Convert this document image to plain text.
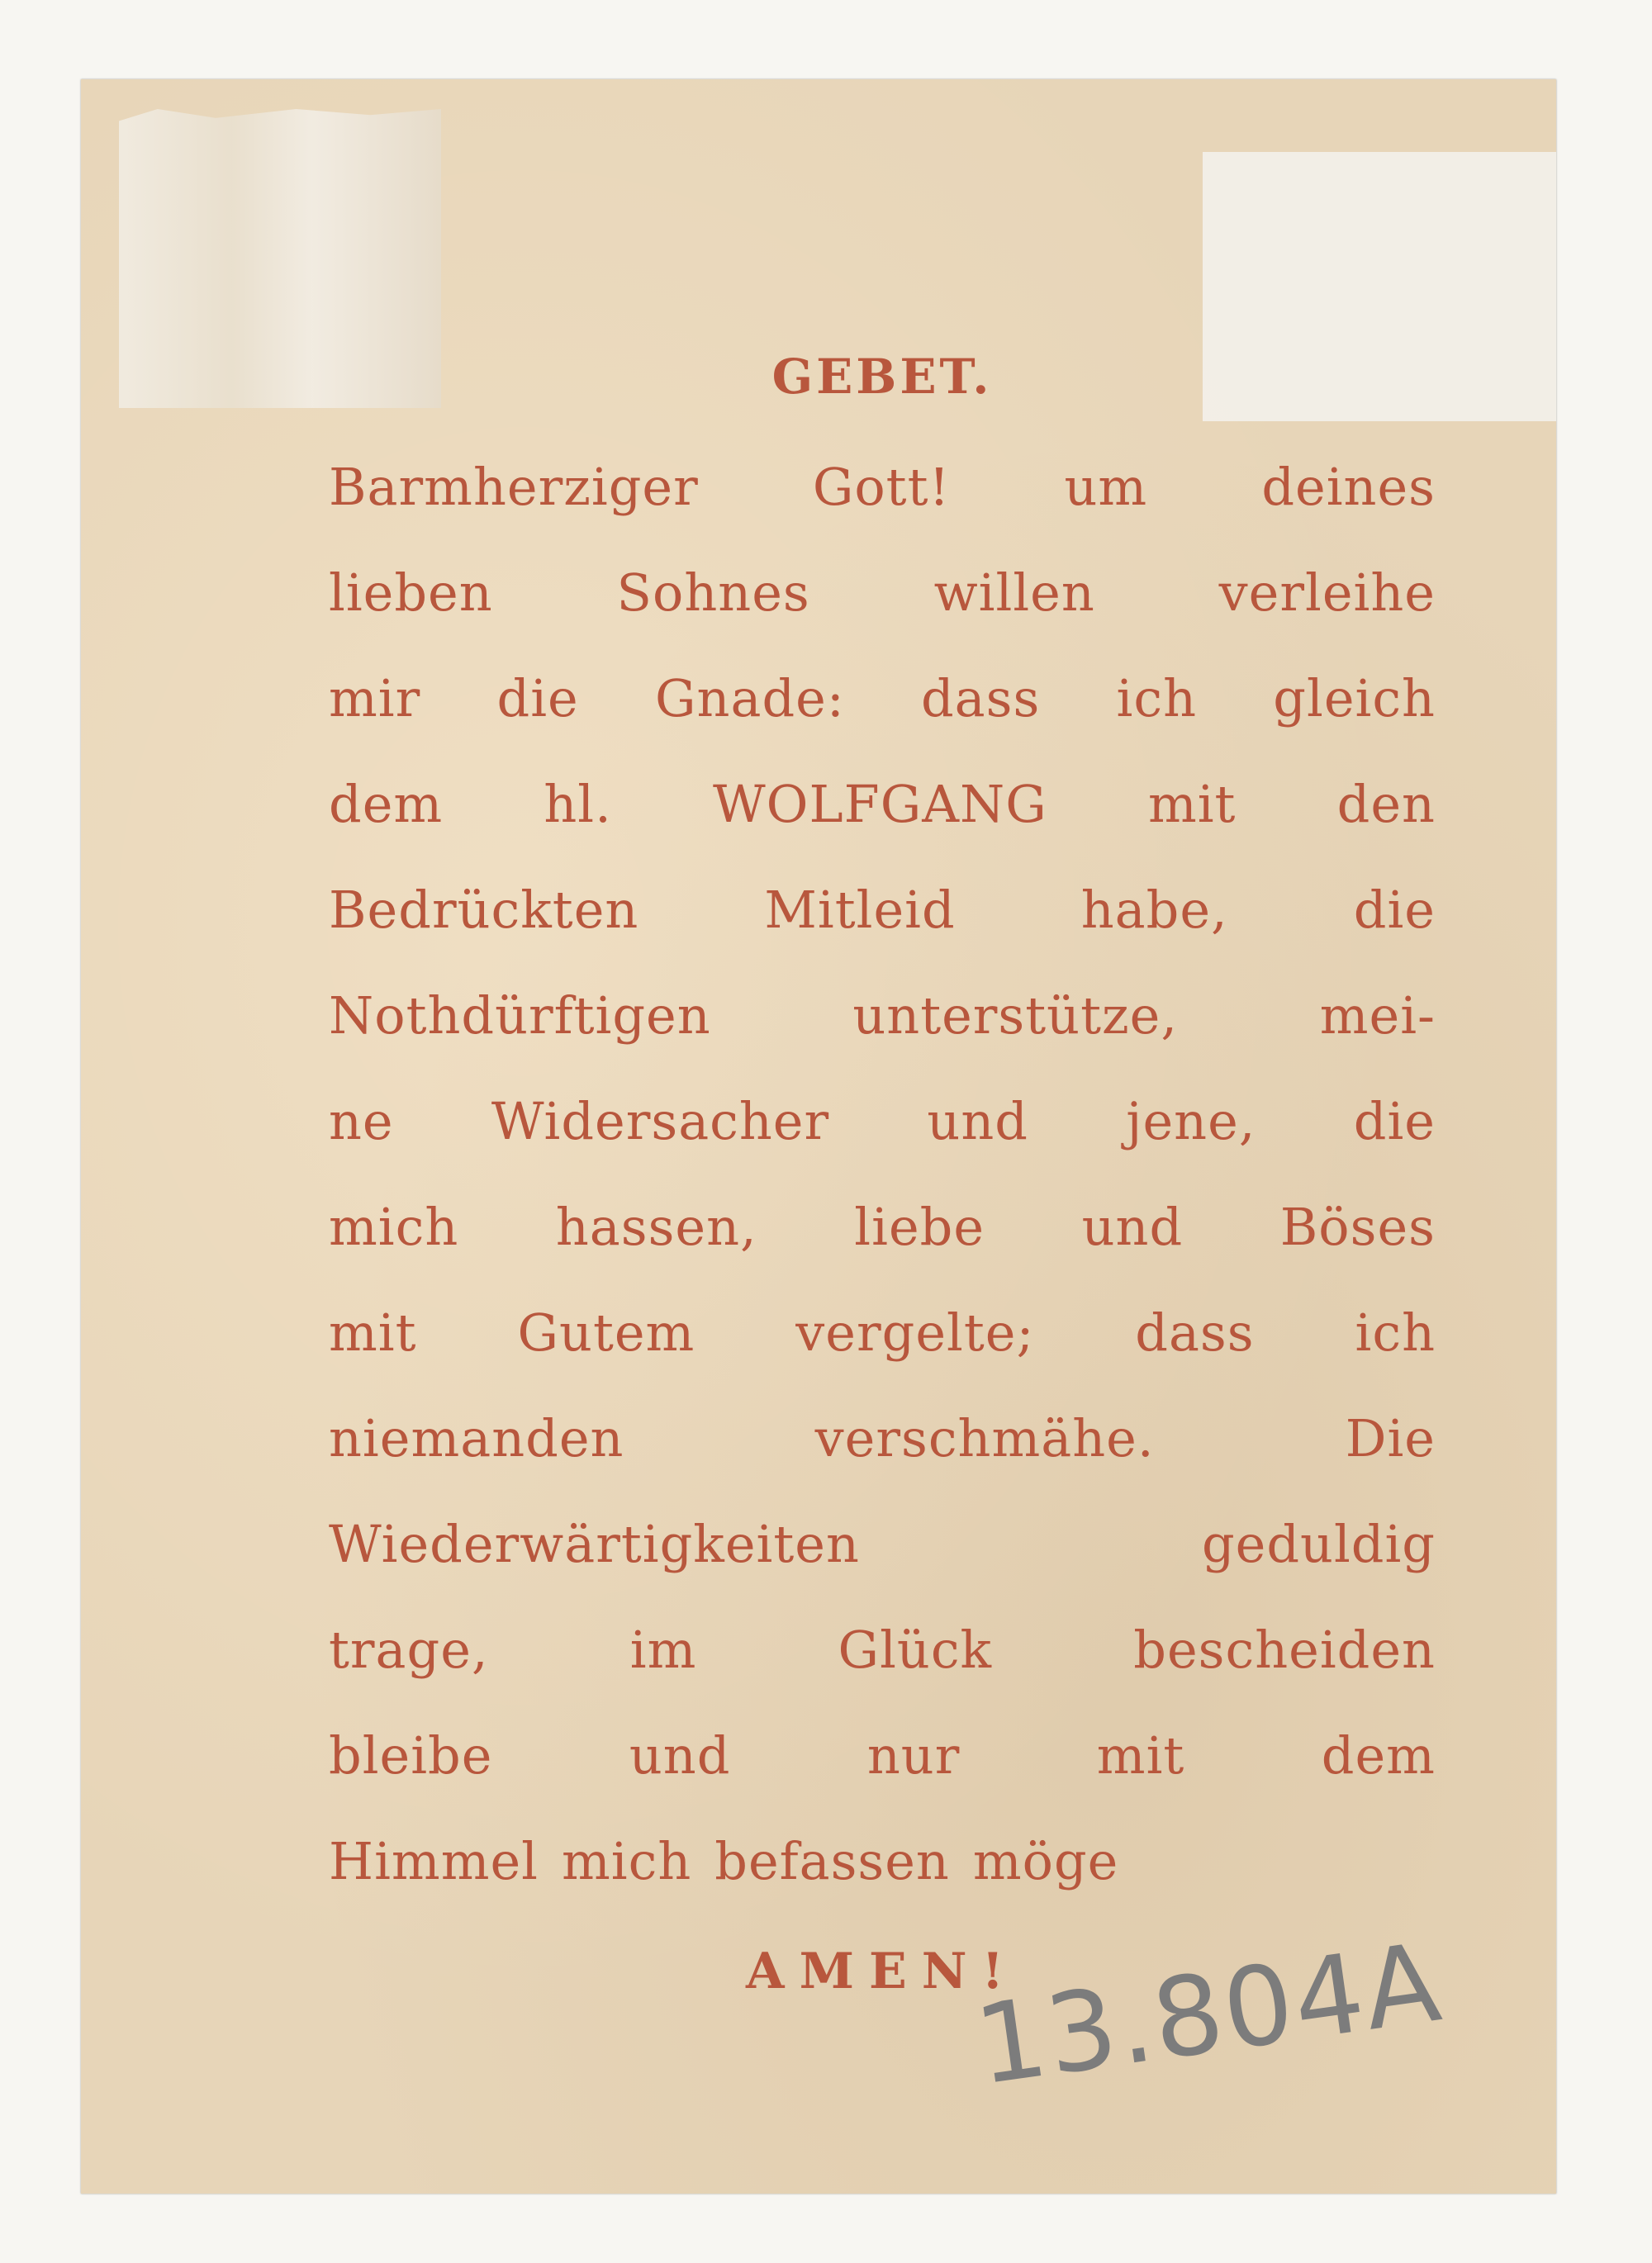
GEBET.
Barmherziger Gott! um deines
lieben Sohnes willen verleihe
mir die Gnade: dass ich gleich
dem hl. WOLFGANG mit den
Bedrückten Mitleid habe, die
Nothdürftigen	unterstütze,	mei-
ne Widersacher und jene, die
mich hassen, liebe und Böses
mit Gutem vergelte; dass ich
niemanden	verschmähe.	Die
Wiederwärtigkeiten	geduldig
trage,	im	Glück	bescheiden
bleibe	und	nur	mit	dem
Himmel mich befassen möge
AMEN!
13.804A
